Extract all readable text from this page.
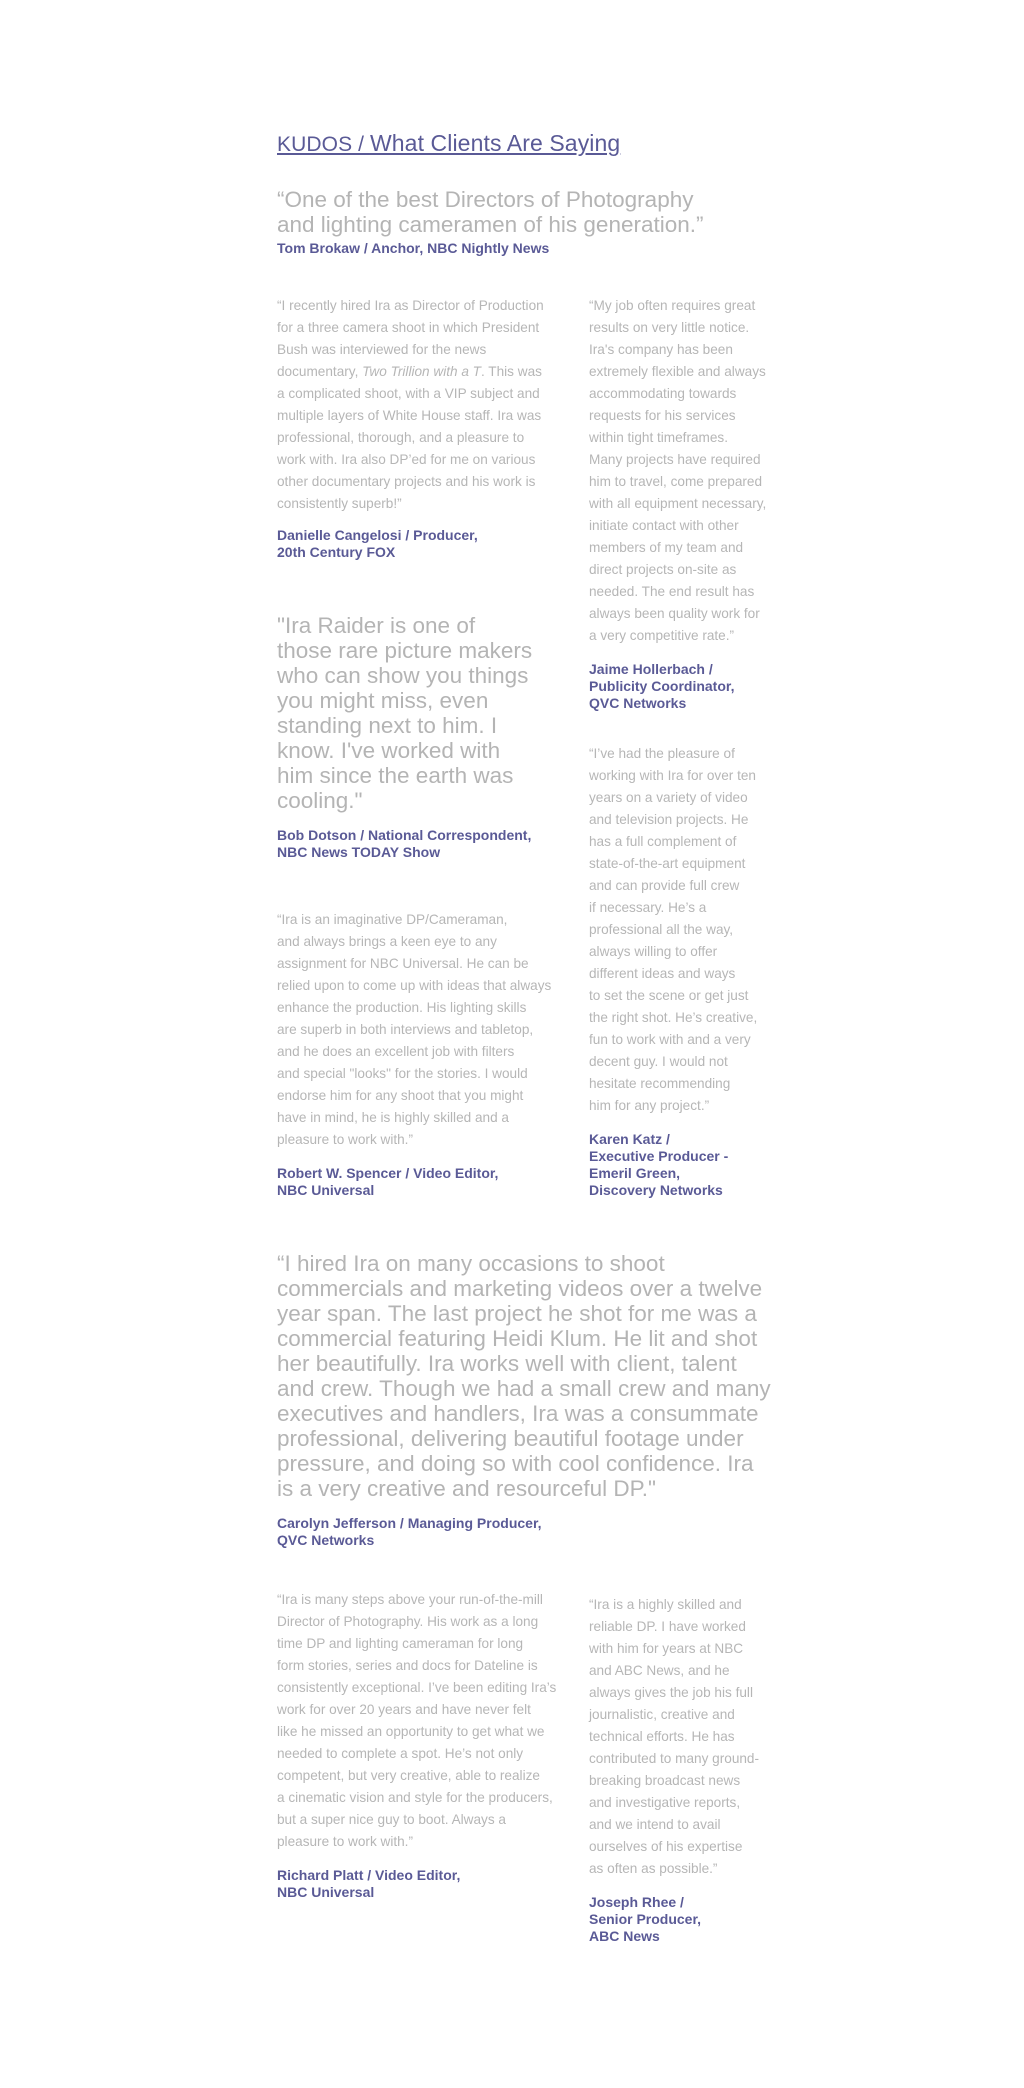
KUDOS / What Clients Are Saying

“One of the best Directors of Photography
and lighting cameramen of his generation.”

Tom Brokaw / Anchor, NBC Nightly News

“I recently hired Ira as Director of Production
for a three camera shoot in which President
Bush was interviewed for the news
documentary, Two Trillion with a T. This was
a complicated shoot, with a VIP subject and
multiple layers of White House staff. Ira was
professional, thorough, and a pleasure to
work with. Ira also DP’ed for me on various
other documentary projects and his work is
consistently superb!”

Danielle Cangelosi / Producer,
20th Century FOX

“My job often requires great
results on very little notice.
Ira's company has been
extremely flexible and always
accommodating towards
requests for his services
within tight timeframes.
Many projects have required
him to travel, come prepared
with all equipment necessary,
initiate contact with other
members of my team and
direct projects on-site as
needed. The end result has
always been quality work for
a very competitive rate.”

Jaime Hollerbach /
Publicity Coordinator,
QVC Networks

"Ira Raider is one of
those rare picture makers
who can show you things
you might miss, even
standing next to him. I
know. I've worked with
him since the earth was
cooling."

Bob Dotson / National Correspondent,
NBC News TODAY Show

“I’ve had the pleasure of
working with Ira for over ten
years on a variety of video
and television projects. He
has a full complement of
state-of-the-art equipment
and can provide full crew
if necessary. He’s a
professional all the way,
always willing to offer
different ideas and ways
to set the scene or get just
the right shot. He’s creative,
fun to work with and a very
decent guy. I would not
hesitate recommending
him for any project.”

Karen Katz /
Executive Producer -
Emeril Green,
Discovery Networks

“Ira is an imaginative DP/Cameraman,
and always brings a keen eye to any
assignment for NBC Universal. He can be
relied upon to come up with ideas that always
enhance the production. His lighting skills
are superb in both interviews and tabletop,
and he does an excellent job with filters
and special "looks" for the stories. I would
endorse him for any shoot that you might
have in mind, he is highly skilled and a
pleasure to work with.”

Robert W. Spencer / Video Editor,
NBC Universal

“I hired Ira on many occasions to shoot
commercials and marketing videos over a twelve
year span. The last project he shot for me was a
commercial featuring Heidi Klum. He lit and shot
her beautifully. Ira works well with client, talent
and crew. Though we had a small crew and many
executives and handlers, Ira was a consummate
professional, delivering beautiful footage under
pressure, and doing so with cool confidence. Ira
is a very creative and resourceful DP."

Carolyn Jefferson / Managing Producer,
QVC Networks

“Ira is many steps above your run-of-the-mill
Director of Photography. His work as a long
time DP and lighting cameraman for long
form stories, series and docs for Dateline is
consistently exceptional. I’ve been editing Ira’s
work for over 20 years and have never felt
like he missed an opportunity to get what we
needed to complete a spot. He’s not only
competent, but very creative, able to realize
a cinematic vision and style for the producers,
but a super nice guy to boot. Always a
pleasure to work with.”

Richard Platt / Video Editor,
NBC Universal

“Ira is a highly skilled and
reliable DP. I have worked
with him for years at NBC
and ABC News, and he
always gives the job his full
journalistic, creative and
technical efforts. He has
contributed to many ground-
breaking broadcast news
and investigative reports,
and we intend to avail
ourselves of his expertise
as often as possible.”

Joseph Rhee /
Senior Producer,
ABC News
